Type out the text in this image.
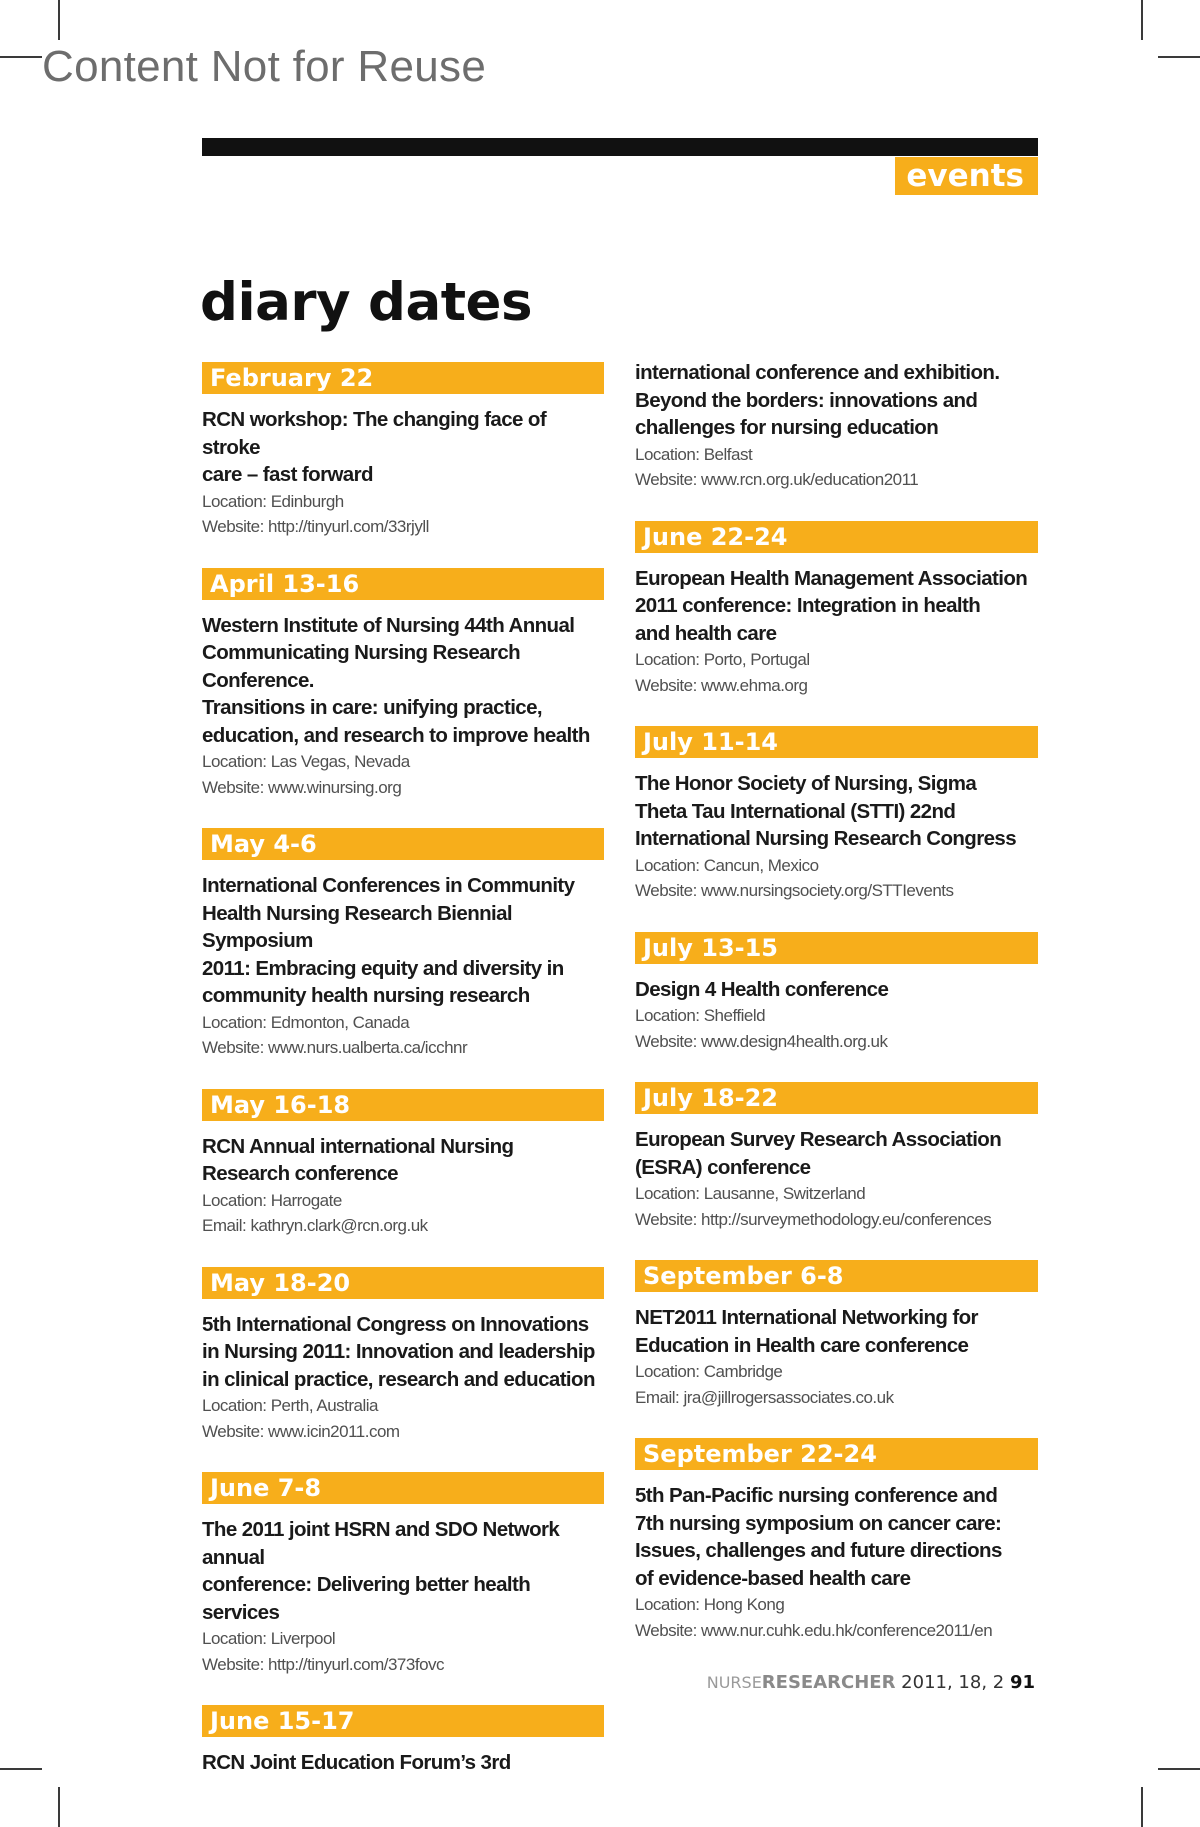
Content Not for Reuse
events
diary dates
February 22
RCN workshop: The changing face of stroke
care – fast forward
Location: Edinburgh
Website: http://tinyurl.com/33rjyll
April 13-16
Western Institute of Nursing 44th Annual
Communicating Nursing Research Conference.
Transitions in care: unifying practice,
education, and research to improve health
Location: Las Vegas, Nevada
Website: www.winursing.org
May 4-6
International Conferences in Community
Health Nursing Research Biennial Symposium
2011: Embracing equity and diversity in
community health nursing research
Location: Edmonton, Canada
Website: www.nurs.ualberta.ca/icchnr
May 16-18
RCN Annual international Nursing
Research conference
Location: Harrogate
Email: kathryn.clark@rcn.org.uk
May 18-20
5th International Congress on Innovations
in Nursing 2011: Innovation and leadership
in clinical practice, research and education
Location: Perth, Australia
Website: www.icin2011.com
June 7-8
The 2011 joint HSRN and SDO Network annual
conference: Delivering better health services
Location: Liverpool
Website: http://tinyurl.com/373fovc
June 15-17
RCN Joint Education Forum’s 3rd
international conference and exhibition.
Beyond the borders: innovations and
challenges for nursing education
Location: Belfast
Website: www.rcn.org.uk/education2011
June 22-24
European Health Management Association
2011 conference: Integration in health
and health care
Location: Porto, Portugal
Website: www.ehma.org
July 11-14
The Honor Society of Nursing, Sigma
Theta Tau International (STTI) 22nd
International Nursing Research Congress
Location: Cancun, Mexico
Website: www.nursingsociety.org/STTIevents
July 13-15
Design 4 Health conference
Location: Sheffield
Website: www.design4health.org.uk
July 18-22
European Survey Research Association
(ESRA) conference
Location: Lausanne, Switzerland
Website: http://surveymethodology.eu/conferences
September 6-8
NET2011 International Networking for
Education in Health care conference
Location: Cambridge
Email: jra@jillrogersassociates.co.uk
September 22-24
5th Pan-Pacific nursing conference and
7th nursing symposium on cancer care:
Issues, challenges and future directions
of evidence-based health care
Location: Hong Kong
Website: www.nur.cuhk.edu.hk/conference2011/en
NURSERESEARCHER 2011, 18, 2 91
